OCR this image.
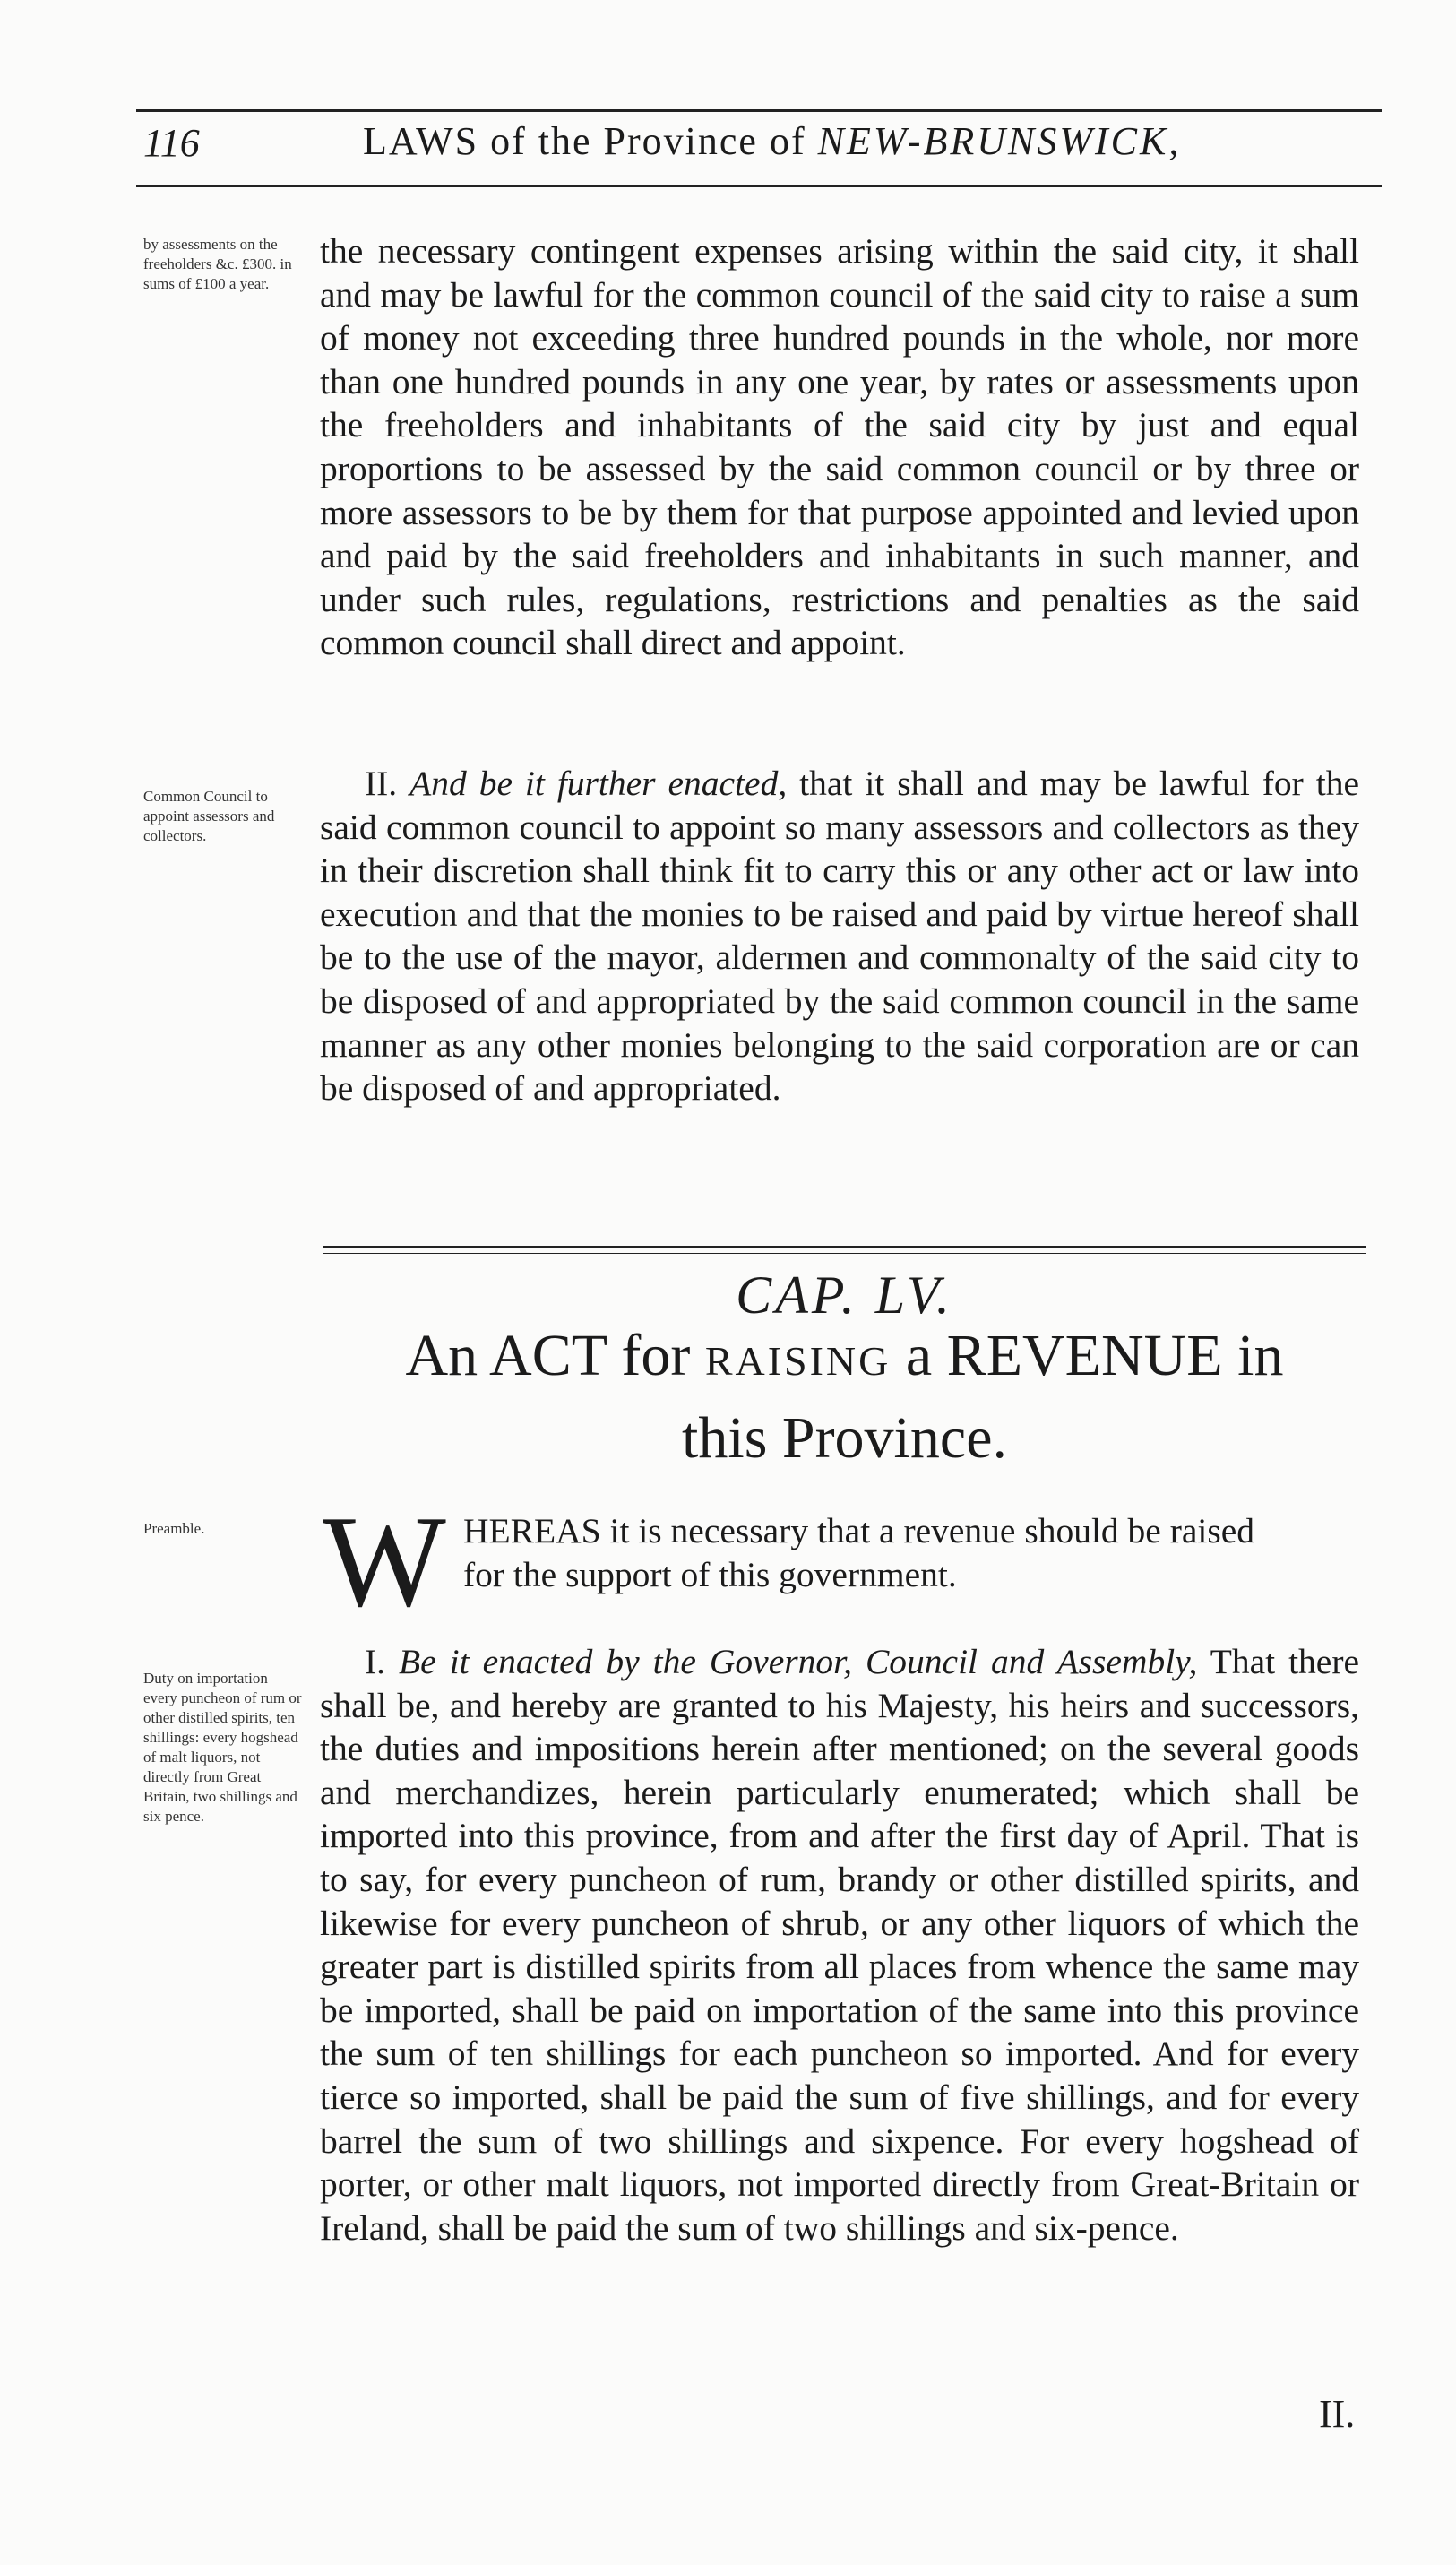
116	LAWS of the Province of NEW-BRUNSWICK,
by assessments on the freeholders &c. £300. in sums of £100 a year.

the necessary contingent expenses arising within the said city, it shall and may be lawful for the common council of the said city to raise a sum of money not exceeding three hundred pounds in the whole, nor more than one hundred pounds in any one year, by rates or assessments upon the freeholders and inhabitants of the said city by just and equal proportions to be assessed by the said common council or by three or more assessors to be by them for that purpose appointed and levied upon and paid by the said freeholders and inhabitants in such manner, and under such rules, regulations, restrictions and penalties as the said common council shall direct and appoint.

Common Council to appoint assessors and collectors.

II. And be it further enacted, that it shall and may be lawful for the said common council to appoint so many assessors and collectors as they in their discretion shall think fit to carry this or any other act or law into execution and that the monies to be raised and paid by virtue hereof shall be to the use of the mayor, aldermen and commonalty of the said city to be disposed of and appropriated by the said common council in the same manner as any other monies belonging to the said corporation are or can be disposed of and appropriated.

CAP. LV.
An ACT for RAISING a REVENUE in
this Province.
Preamble. W HEREAS it is necessary that a revenue should be raised
for the support of this government.
Duty on importation every puncheon of rum or other distilled spirits, ten shillings: every hogshead of malt liquors, not directly from Great Britain, two shillings and six pence.

I. Be it enacted by the Governor, Council and Assembly, That there shall be, and hereby are granted to his Majesty, his heirs and successors, the duties and impositions herein after mentioned; on the several goods and merchandizes, herein particularly enumerated; which shall be imported into this province, from and after the first day of April. That is to say, for every puncheon of rum, brandy or other distilled spirits, and likewise for every puncheon of shrub, or any other liquors of which the greater part is distilled spirits from all places from whence the same may be imported, shall be paid on importation of the same into this province the sum of ten shillings for each puncheon so imported. And for every tierce so imported, shall be paid the sum of five shillings, and for every barrel the sum of two shillings and sixpence. For every hogshead of porter, or other malt liquors, not imported directly from Great-Britain or Ireland, shall be paid the sum of two shillings and six-pence.

II.
